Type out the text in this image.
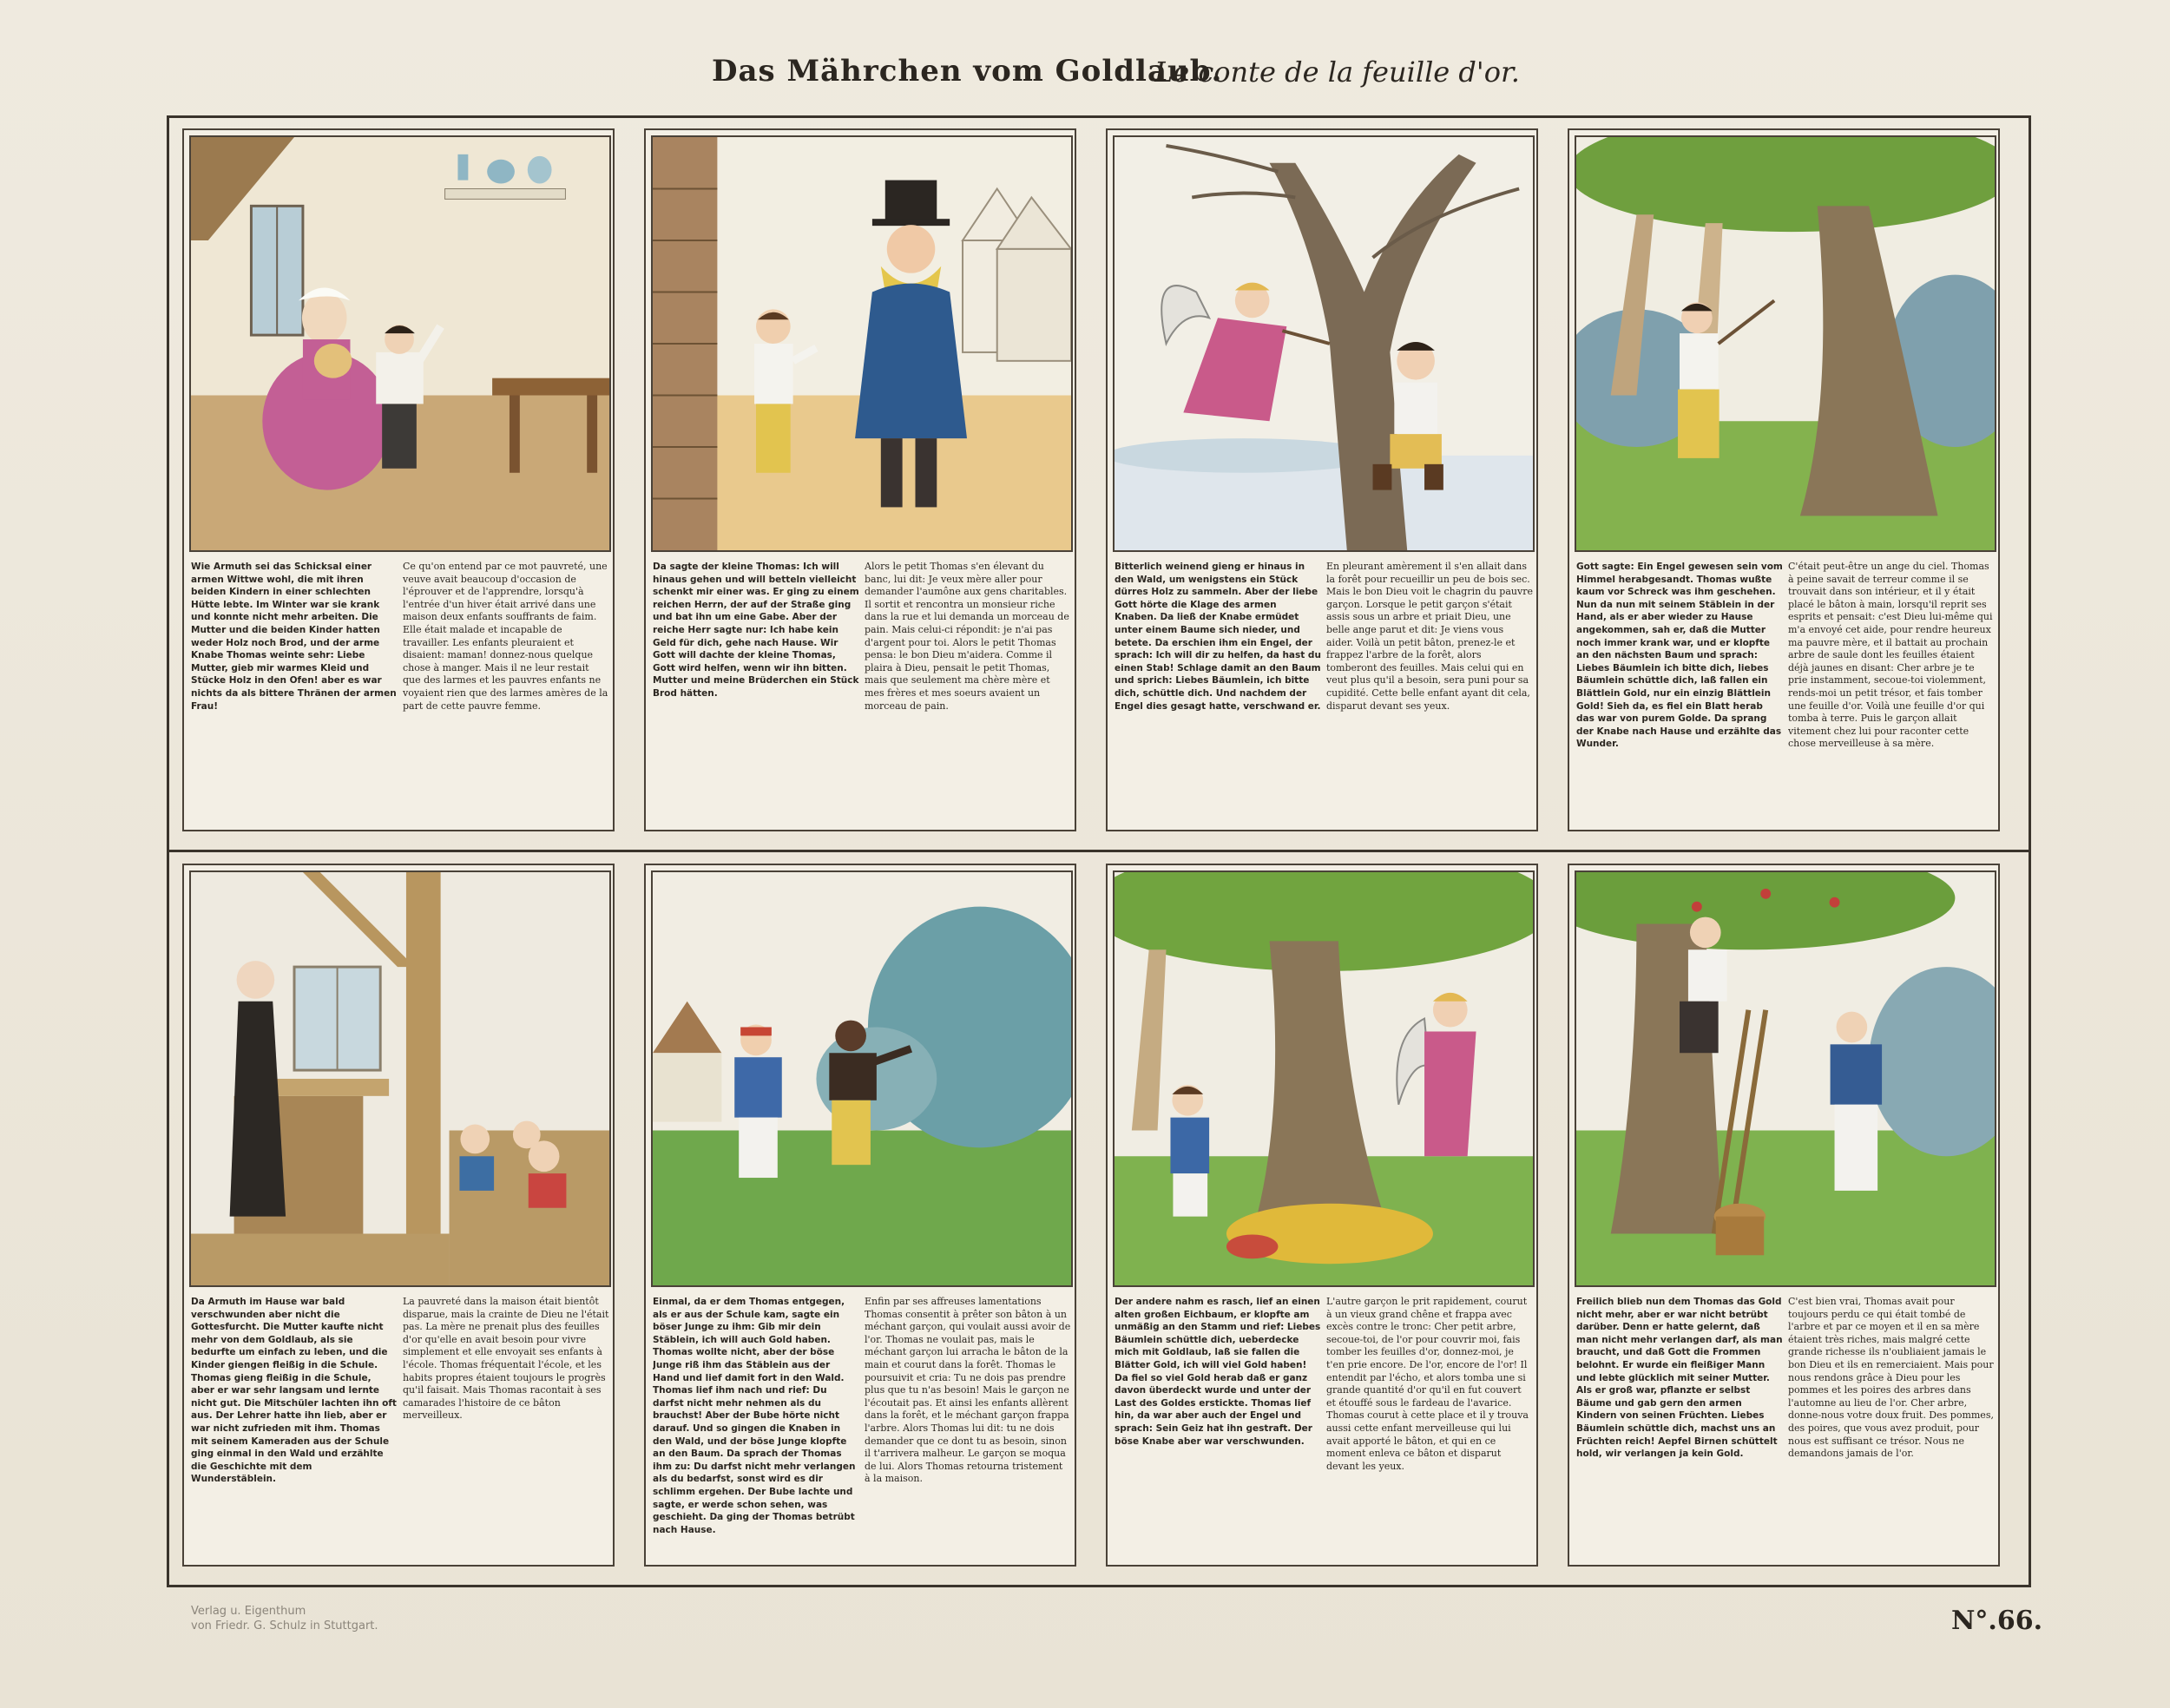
Das Mährchen vom Goldlaub.
Le conte de la feuille d'or.
Wie Armuth sei das Schicksal einer armen Wittwe wohl, die mit ihren beiden Kindern in einer schlechten Hütte lebte. Im Winter war sie krank und konnte nicht mehr arbeiten. Die Mutter und die beiden Kinder hatten weder Holz noch Brod, und der arme Knabe Thomas weinte sehr: Liebe Mutter, gieb mir warmes Kleid und Stücke Holz in den Ofen! aber es war nichts da als bittere Thränen der armen Frau!
Ce qu'on entend par ce mot pauvreté, une veuve avait beaucoup d'occasion de l'éprouver et de l'apprendre, lorsqu'à l'entrée d'un hiver était arrivé dans une maison deux enfants souffrants de faim. Elle était malade et incapable de travailler. Les enfants pleuraient et disaient: maman! donnez-nous quelque chose à manger. Mais il ne leur restait que des larmes et les pauvres enfants ne voyaient rien que des larmes amères de la part de cette pauvre femme.
Da sagte der kleine Thomas: Ich will hinaus gehen und will betteln vielleicht schenkt mir einer was. Er ging zu einem reichen Herrn, der auf der Straße ging und bat ihn um eine Gabe. Aber der reiche Herr sagte nur: Ich habe kein Geld für dich, gehe nach Hause. Wir Gott will dachte der kleine Thomas, Gott wird helfen, wenn wir ihn bitten. Mutter und meine Brüderchen ein Stück Brod hätten.
Alors le petit Thomas s'en élevant du banc, lui dit: Je veux mère aller pour demander l'aumône aux gens charitables. Il sortit et rencontra un monsieur riche dans la rue et lui demanda un morceau de pain. Mais celui-ci répondit: je n'ai pas d'argent pour toi. Alors le petit Thomas pensa: le bon Dieu m'aidera. Comme il plaira à Dieu, pensait le petit Thomas, mais que seulement ma chère mère et mes frères et mes soeurs avaient un morceau de pain.
Bitterlich weinend gieng er hinaus in den Wald, um wenigstens ein Stück dürres Holz zu sammeln. Aber der liebe Gott hörte die Klage des armen Knaben. Da ließ der Knabe ermüdet unter einem Baume sich nieder, und betete. Da erschien ihm ein Engel, der sprach: Ich will dir zu helfen, da hast du einen Stab! Schlage damit an den Baum und sprich: Liebes Bäumlein, ich bitte dich, schüttle dich. Und nachdem der Engel dies gesagt hatte, verschwand er.
En pleurant amèrement il s'en allait dans la forêt pour recueillir un peu de bois sec. Mais le bon Dieu voit le chagrin du pauvre garçon. Lorsque le petit garçon s'était assis sous un arbre et priait Dieu, une belle ange parut et dit: Je viens vous aider. Voilà un petit bâton, prenez-le et frappez l'arbre de la forêt, alors tomberont des feuilles. Mais celui qui en veut plus qu'il a besoin, sera puni pour sa cupidité. Cette belle enfant ayant dit cela, disparut devant ses yeux.
Gott sagte: Ein Engel gewesen sein vom Himmel herabgesandt. Thomas wußte kaum vor Schreck was ihm geschehen. Nun da nun mit seinem Stäblein in der Hand, als er aber wieder zu Hause angekommen, sah er, daß die Mutter noch immer krank war, und er klopfte an den nächsten Baum und sprach: Liebes Bäumlein ich bitte dich, liebes Bäumlein schüttle dich, laß fallen ein Blättlein Gold, nur ein einzig Blättlein Gold! Sieh da, es fiel ein Blatt herab das war von purem Golde. Da sprang der Knabe nach Hause und erzählte das Wunder.
C'était peut-être un ange du ciel. Thomas à peine savait de terreur comme il se trouvait dans son intérieur, et il y était placé le bâton à main, lorsqu'il reprit ses esprits et pensait: c'est Dieu lui-même qui m'a envoyé cet aide, pour rendre heureux ma pauvre mère, et il battait au prochain arbre de saule dont les feuilles étaient déjà jaunes en disant: Cher arbre je te prie instamment, secoue-toi violemment, rends-moi un petit trésor, et fais tomber une feuille d'or. Voilà une feuille d'or qui tomba à terre. Puis le garçon allait vitement chez lui pour raconter cette chose merveilleuse à sa mère.
Da Armuth im Hause war bald verschwunden aber nicht die Gottesfurcht. Die Mutter kaufte nicht mehr von dem Goldlaub, als sie bedurfte um einfach zu leben, und die Kinder giengen fleißig in die Schule. Thomas gieng fleißig in die Schule, aber er war sehr langsam und lernte nicht gut. Die Mitschüler lachten ihn oft aus. Der Lehrer hatte ihn lieb, aber er war nicht zufrieden mit ihm. Thomas mit seinem Kameraden aus der Schule ging einmal in den Wald und erzählte die Geschichte mit dem Wunderstäblein.
La pauvreté dans la maison était bientôt disparue, mais la crainte de Dieu ne l'était pas. La mère ne prenait plus des feuilles d'or qu'elle en avait besoin pour vivre simplement et elle envoyait ses enfants à l'école. Thomas fréquentait l'école, et les habits propres étaient toujours le progrès qu'il faisait. Mais Thomas racontait à ses camarades l'histoire de ce bâton merveilleux.
Einmal, da er dem Thomas entgegen, als er aus der Schule kam, sagte ein böser Junge zu ihm: Gib mir dein Stäblein, ich will auch Gold haben. Thomas wollte nicht, aber der böse Junge riß ihm das Stäblein aus der Hand und lief damit fort in den Wald. Thomas lief ihm nach und rief: Du darfst nicht mehr nehmen als du brauchst! Aber der Bube hörte nicht darauf. Und so gingen die Knaben in den Wald, und der böse Junge klopfte an den Baum. Da sprach der Thomas ihm zu: Du darfst nicht mehr verlangen als du bedarfst, sonst wird es dir schlimm ergehen. Der Bube lachte und sagte, er werde schon sehen, was geschieht. Da ging der Thomas betrübt nach Hause.
Enfin par ses affreuses lamentations Thomas consentit à prêter son bâton à un méchant garçon, qui voulait aussi avoir de l'or. Thomas ne voulait pas, mais le méchant garçon lui arracha le bâton de la main et courut dans la forêt. Thomas le poursuivit et cria: Tu ne dois pas prendre plus que tu n'as besoin! Mais le garçon ne l'écoutait pas. Et ainsi les enfants allèrent dans la forêt, et le méchant garçon frappa l'arbre. Alors Thomas lui dit: tu ne dois demander que ce dont tu as besoin, sinon il t'arrivera malheur. Le garçon se moqua de lui. Alors Thomas retourna tristement à la maison.
Der andere nahm es rasch, lief an einen alten großen Eichbaum, er klopfte am unmäßig an den Stamm und rief: Liebes Bäumlein schüttle dich, ueberdecke mich mit Goldlaub, laß sie fallen die Blätter Gold, ich will viel Gold haben! Da fiel so viel Gold herab daß er ganz davon überdeckt wurde und unter der Last des Goldes erstickte. Thomas lief hin, da war aber auch der Engel und sprach: Sein Geiz hat ihn gestraft. Der böse Knabe aber war verschwunden.
L'autre garçon le prit rapidement, courut à un vieux grand chêne et frappa avec excès contre le tronc: Cher petit arbre, secoue-toi, de l'or pour couvrir moi, fais tomber les feuilles d'or, donnez-moi, je t'en prie encore. De l'or, encore de l'or! Il entendit par l'écho, et alors tomba une si grande quantité d'or qu'il en fut couvert et étouffé sous le fardeau de l'avarice. Thomas courut à cette place et il y trouva aussi cette enfant merveilleuse qui lui avait apporté le bâton, et qui en ce moment enleva ce bâton et disparut devant les yeux.
Freilich blieb nun dem Thomas das Gold nicht mehr, aber er war nicht betrübt darüber. Denn er hatte gelernt, daß man nicht mehr verlangen darf, als man braucht, und daß Gott die Frommen belohnt. Er wurde ein fleißiger Mann und lebte glücklich mit seiner Mutter. Als er groß war, pflanzte er selbst Bäume und gab gern den armen Kindern von seinen Früchten. Liebes Bäumlein schüttle dich, machst uns an Früchten reich! Aepfel Birnen schüttelt hold, wir verlangen ja kein Gold.
C'est bien vrai, Thomas avait pour toujours perdu ce qui était tombé de l'arbre et par ce moyen et il en sa mère étaient très riches, mais malgré cette grande richesse ils n'oubliaient jamais le bon Dieu et ils en remerciaient. Mais pour nous rendons grâce à Dieu pour les pommes et les poires des arbres dans l'automne au lieu de l'or. Cher arbre, donne-nous votre doux fruit. Des pommes, des poires, que vous avez produit, pour nous est suffisant ce trésor. Nous ne demandons jamais de l'or.
Verlag u. Eigenthum
von Friedr. G. Schulz in Stuttgart.	N°.66.
